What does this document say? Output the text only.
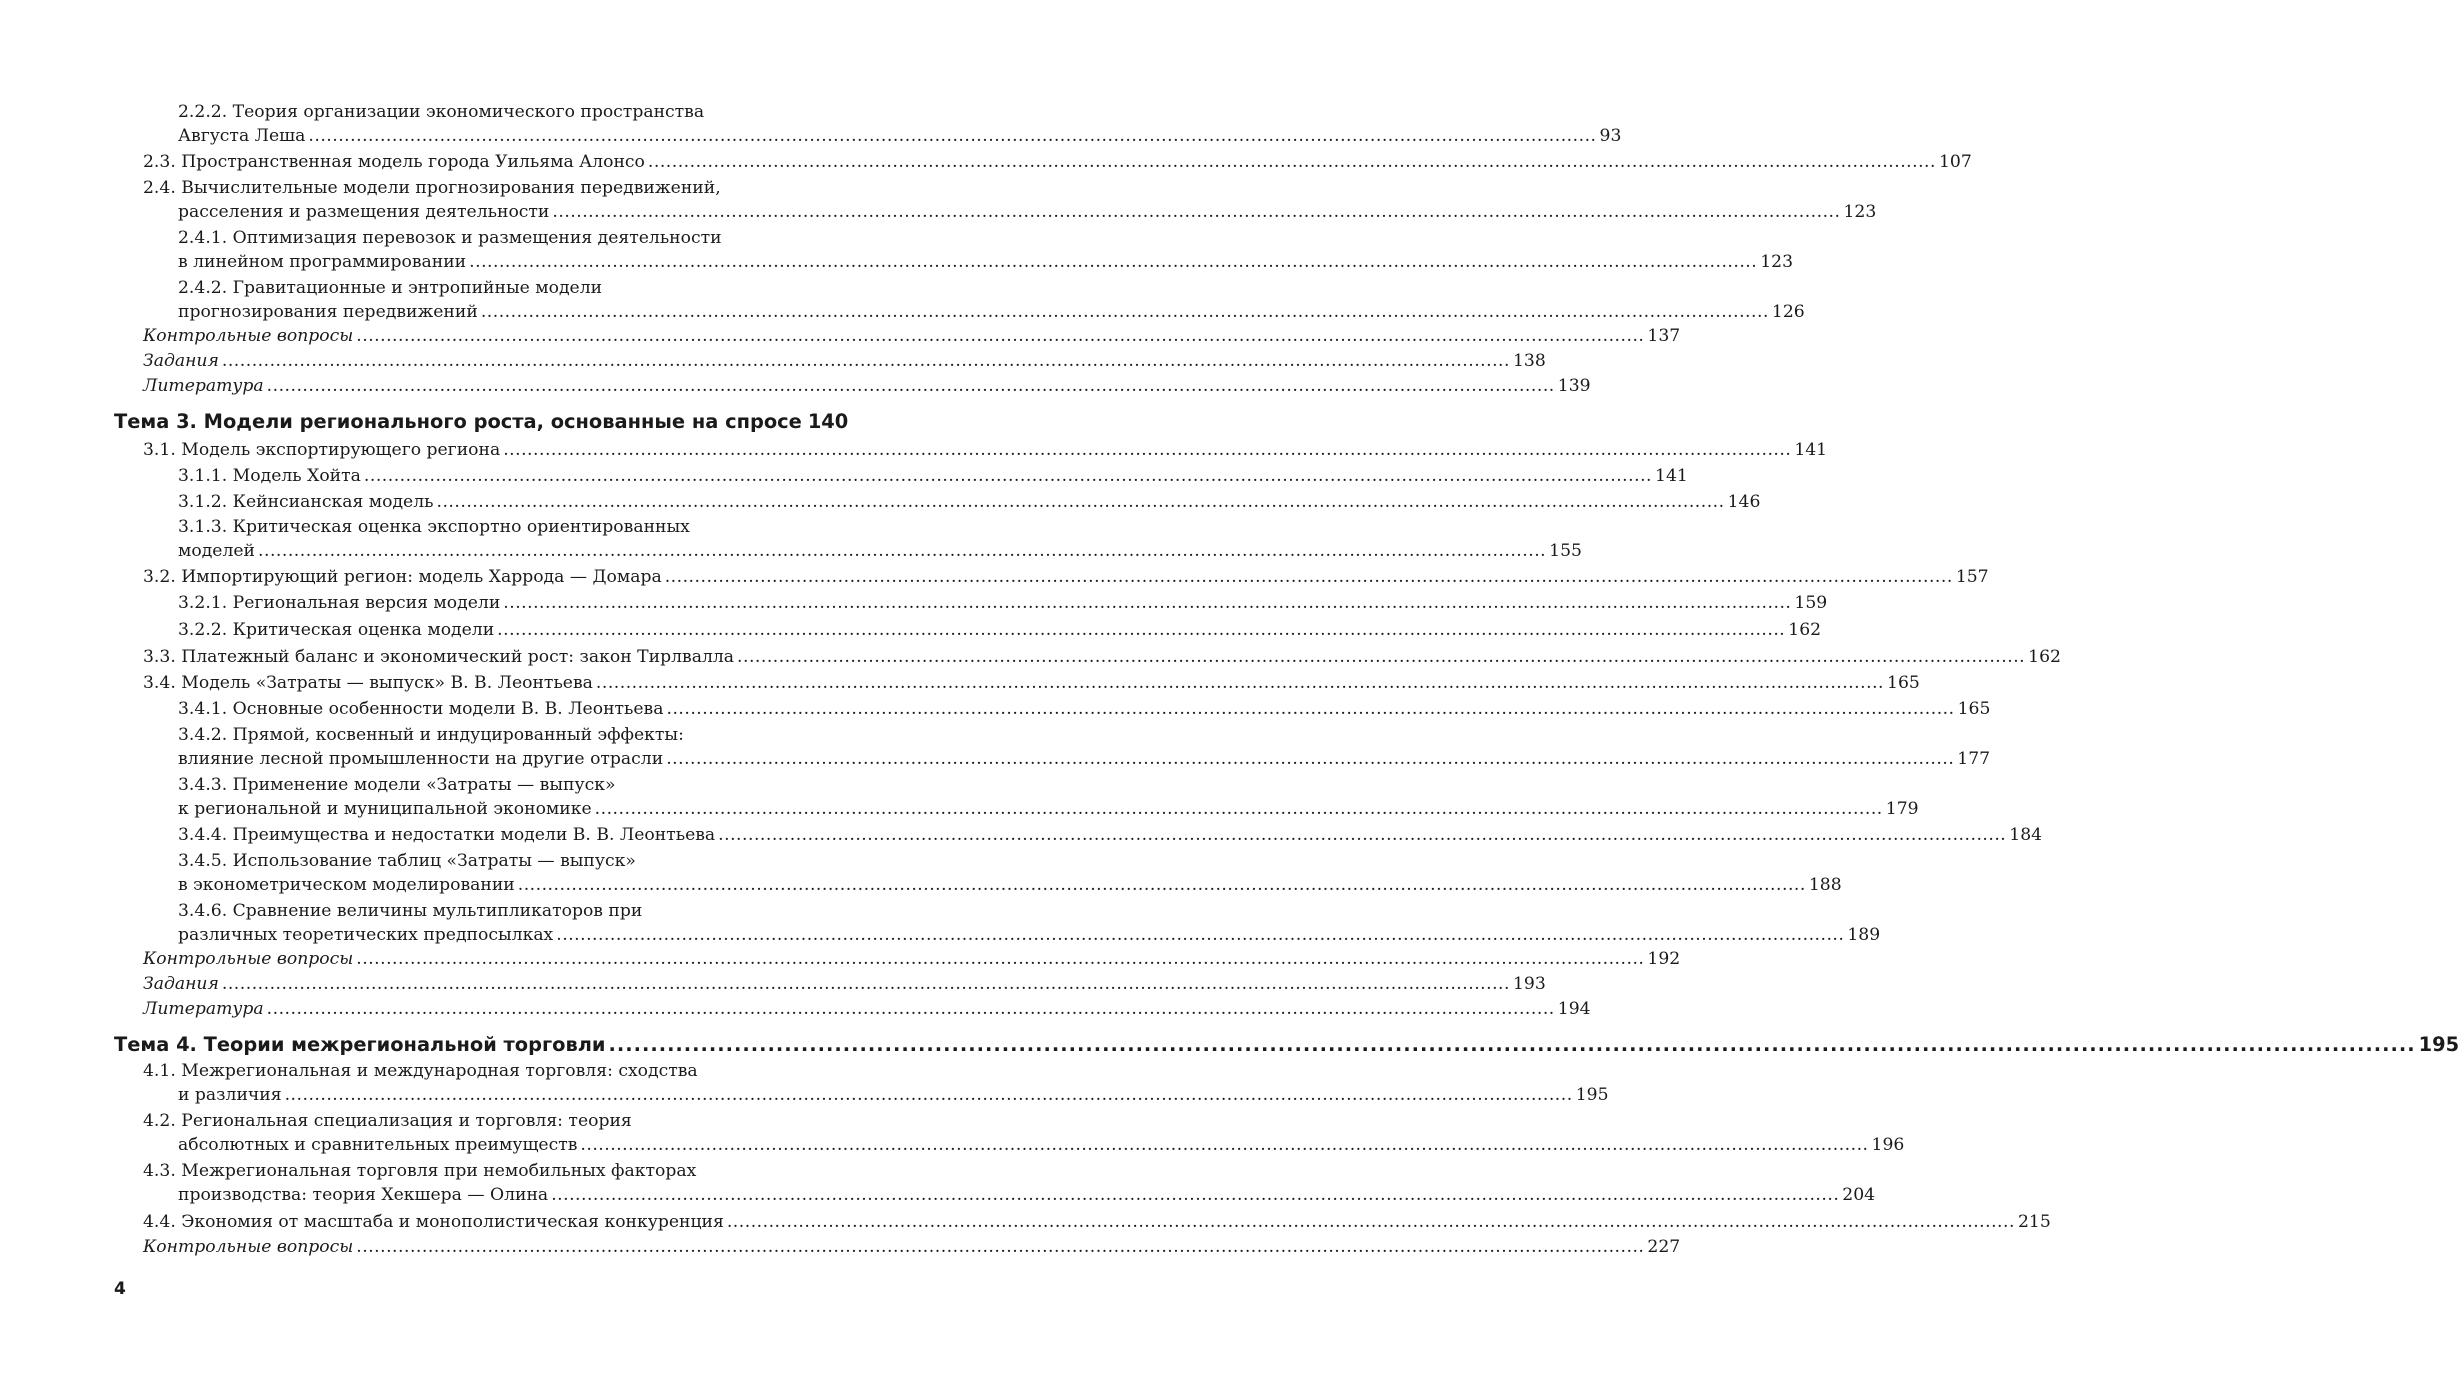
2.2.2. Теория организации экономического пространства
Августа Леша .....	93
2.3. Пространственная модель города Уильяма Алонсо .....	107
2.4. Вычислительные модели прогнозирования передвижений,
расселения и размещения деятельности .....	123
2.4.1. Оптимизация перевозок и размещения деятельности
в линейном программировании .....	123
2.4.2. Гравитационные и энтропийные модели
прогнозирования передвижений .....	126
Контрольные вопросы .....	137
Задания .....	138
Литература .....	139
Тема 3. Модели регионального роста, основанные на спросе 140
3.1. Модель экспортирующего региона .....	141
3.1.1. Модель Хойта .....	141
3.1.2. Кейнсианская модель .....	146
3.1.3. Критическая оценка экспортно ориентированных
моделей .....	155
3.2. Импортирующий регион: модель Харрода — Домара .....	157
3.2.1. Региональная версия модели .....	159
3.2.2. Критическая оценка модели .....	162
3.3. Платежный баланс и экономический рост: закон Тирлвалла .....	162
3.4. Модель «Затраты — выпуск» В. В. Леонтьева .....	165
3.4.1. Основные особенности модели В. В. Леонтьева .....	165
3.4.2. Прямой, косвенный и индуцированный эффекты:
влияние лесной промышленности на другие отрасли .....	177
3.4.3. Применение модели «Затраты — выпуск»
к региональной и муниципальной экономике .....	179
3.4.4. Преимущества и недостатки модели В. В. Леонтьева .....	184
3.4.5. Использование таблиц «Затраты — выпуск»
в эконометрическом моделировании .....	188
3.4.6. Сравнение величины мультипликаторов при
различных теоретических предпосылках .....	189
Контрольные вопросы .....	192
Задания .....	193
Литература .....	194
Тема 4. Теории межрегиональной торговли .....	195
4.1. Межрегиональная и международная торговля: сходства
и различия .....	195
4.2. Региональная специализация и торговля: теория
абсолютных и сравнительных преимуществ .....	196
4.3. Межрегиональная торговля при немобильных факторах
производства: теория Хекшера — Олина .....	204
4.4. Экономия от масштаба и монополистическая конкуренция .....	215
Контрольные вопросы .....	227
4
